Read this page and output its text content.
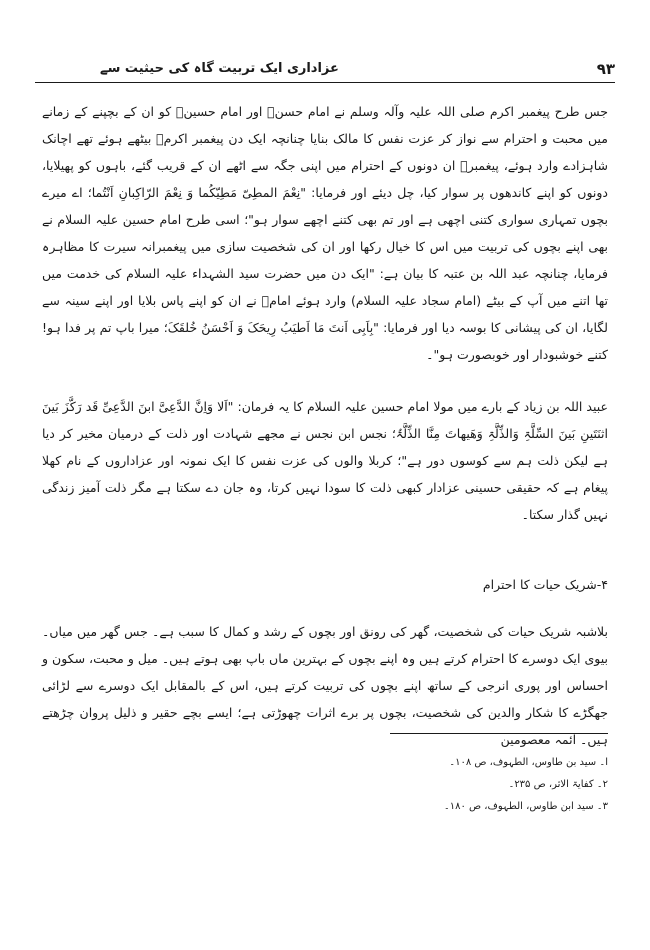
۹۳
عزاداری ایک تربیت گاہ کی حیثیت سے
جس طرح پیغمبر اکرم صلی اللہ علیہ وآلہ وسلم نے امام حسنؑ اور امام حسینؑ کو ان کے بچپنے کے زمانے میں محبت و احترام سے نواز کر عزت نفس کا مالک بنایا چنانچہ ایک دن پیغمبر اکرمؐ بیٹھے ہوئے تھے اچانک شاہزادے وارد ہوئے، پیغمبرؐ ان دونوں کے احترام میں اپنی جگہ سے اٹھے ان کے قریب گئے، باہوں کو پھیلایا، دونوں کو اپنے کاندھوں پر سوار کیا، چل دیئے اور فرمایا: "نِعْمَ المطِیّ مَطِیّکُما وَ نِعْمَ الرّاکِبانِ اَنْتُما؛ اے میرے بچوں تمہاری سواری کتنی اچھی ہے اور تم بھی کتنے اچھے سوار ہو"؛ اسی طرح امام حسین علیہ السلام نے بھی اپنے بچوں کی تربیت میں اس کا خیال رکھا اور ان کی شخصیت سازی میں پیغمبرانہ سیرت کا مظاہرہ فرمایا، چنانچہ عبد اللہ بن عتبہ کا بیان ہے: "ایک دن میں حضرت سید الشہداء علیہ السلام کی خدمت میں تھا اتنے میں آپ کے بیٹے (امام سجاد علیہ السلام) وارد ہوئے امامؑ نے ان کو اپنے پاس بلایا اور اپنے سینہ سے لگایا، ان کی پیشانی کا بوسہ دیا اور فرمایا: "بِاَبِی اَنتَ مَا اَطیَبُ رِیحَکَ وَ اَحْسَنُ خُلقَکَ؛ میرا باپ تم پر فدا ہو! کتنے خوشبودار اور خوبصورت ہو"۔
عبید اللہ بن زیاد کے بارے میں مولا امام حسین علیہ السلام کا یہ فرمان: "اَلا وَاِنَّ الدَّعِیَّ ابنَ الدَّعِیِّ قَد رَکَّزَ بَینَ اثنَتَینِ بَینَ السِّلَّۃِ وَالذِّلَّۃِ وَھَیھاتَ مِنَّا الذِّلَّۃُ؛ نجس ابن نجس نے مجھے شہادت اور ذلت کے درمیان مخیر کر دیا ہے لیکن ذلت ہم سے کوسوں دور ہے"؛ کربلا والوں کی عزت نفس کا ایک نمونہ اور عزاداروں کے نام کھلا پیغام ہے کہ حقیقی حسینی عزادار کبھی ذلت کا سودا نہیں کرتا، وہ جان دے سکتا ہے مگر ذلت آمیز زندگی نہیں گذار سکتا۔
۴-شریک حیات کا احترام
بلاشبہ شریک حیات کی شخصیت، گھر کی رونق اور بچوں کے رشد و کمال کا سبب ہے۔ جس گھر میں میاں۔بیوی ایک دوسرے کا احترام کرتے ہیں وہ اپنے بچوں کے بہترین ماں باپ بھی ہوتے ہیں۔ میل و محبت، سکون و احساس اور پوری انرجی کے ساتھ اپنے بچوں کی تربیت کرتے ہیں، اس کے بالمقابل ایک دوسرے سے لڑائی جھگڑے کا شکار والدین کی شخصیت، بچوں پر برے اثرات چھوڑتی ہے؛ ایسے بچے حقیر و ذلیل پروان چڑھتے ہیں۔ ائمہ معصومین
ا۔ سید بن طاوس، الطہوف، ص ۱۰۸۔
۲۔ کفایۃ الاثر، ص ۲۳۵۔
۳۔ سید ابن طاوس، الطہوف، ص ۱۸۰۔
